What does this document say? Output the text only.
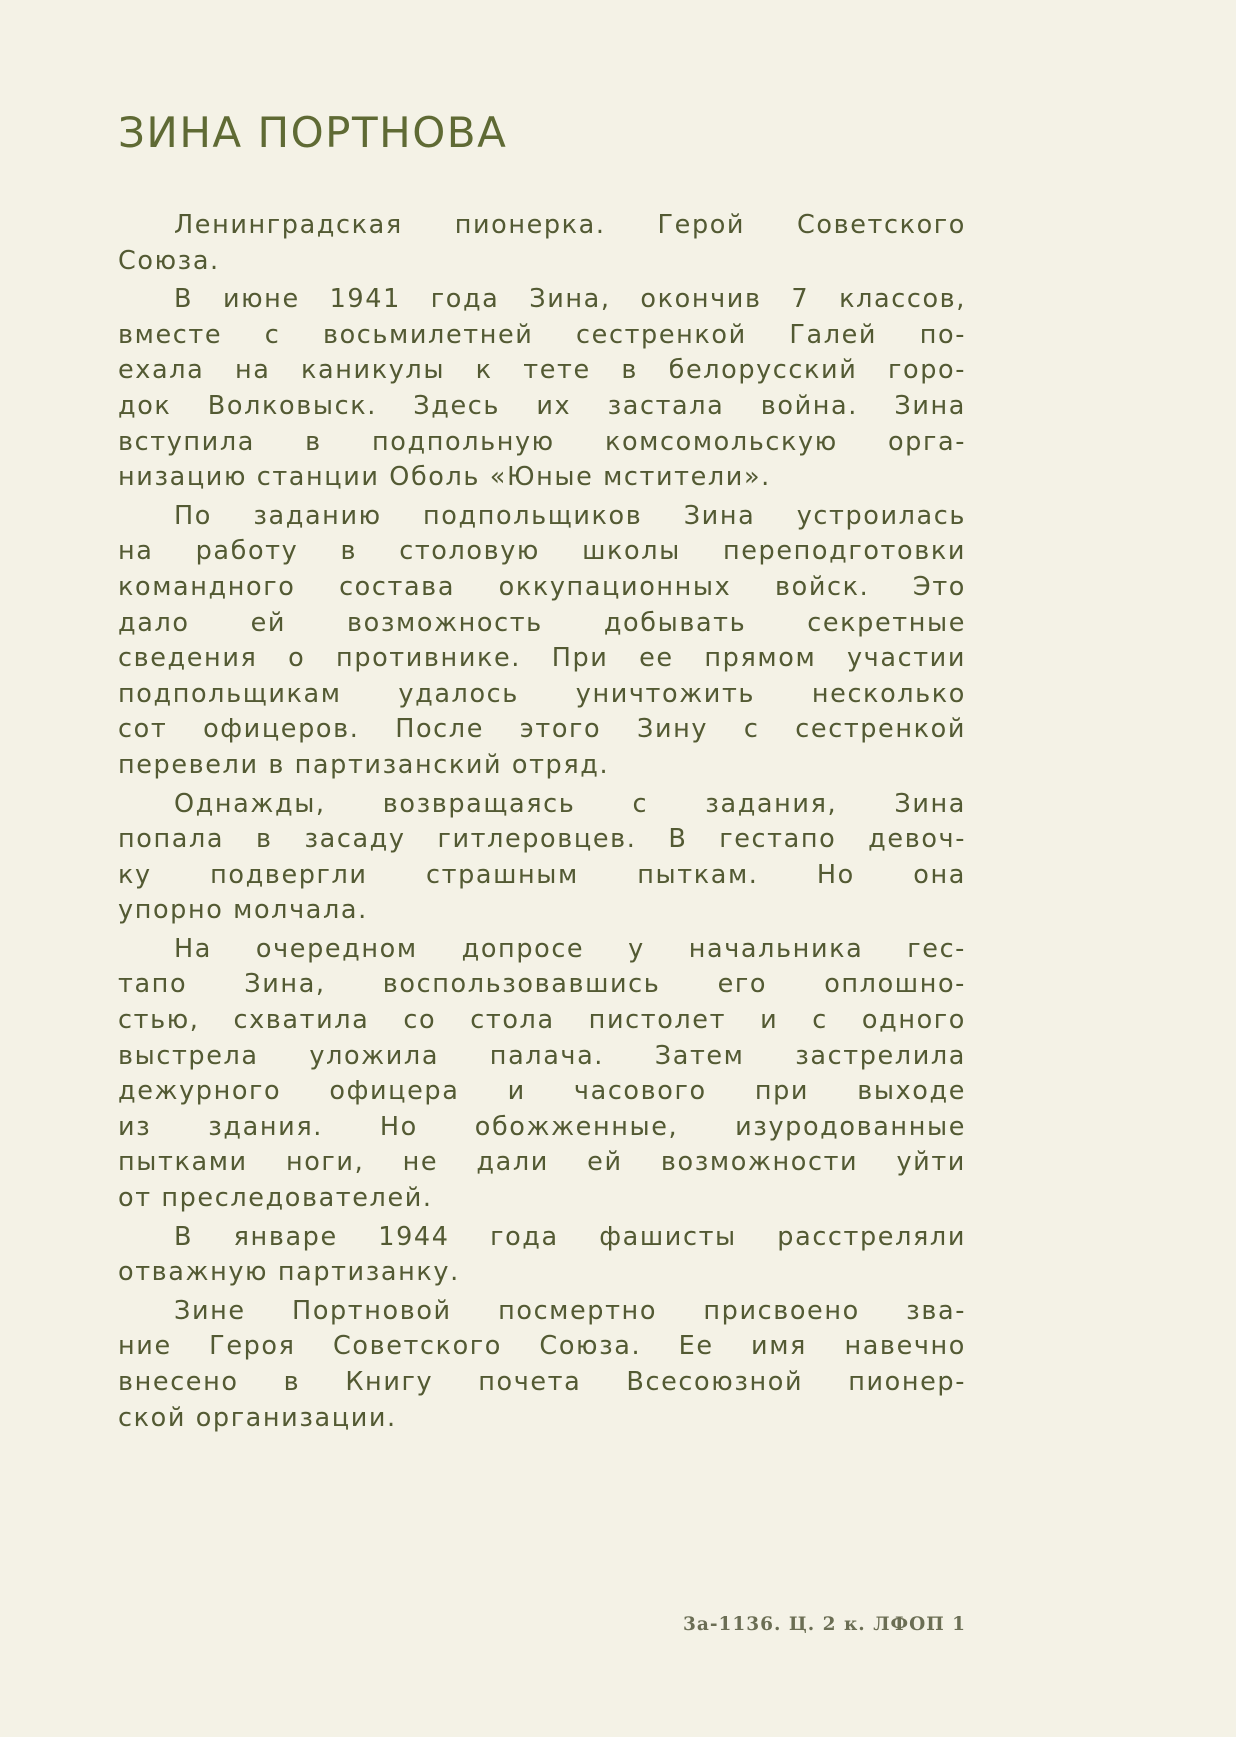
ЗИНА ПОРТНОВА

Ленинградская пионерка. Герой Советского
Союза.

В июне 1941 года Зина, окончив 7 классов,
вместе с восьмилетней сестренкой Галей по-
ехала на каникулы к тете в белорусский горо-
док Волковыск. Здесь их застала война. Зина
вступила в подпольную комсомольскую орга-
низацию станции Оболь «Юные мстители».

По заданию подпольщиков Зина устроилась
на работу в столовую школы переподготовки
командного состава оккупационных войск. Это
дало ей возможность добывать секретные
сведения о противнике. При ее прямом участии
подпольщикам удалось уничтожить несколько
сот офицеров. После этого Зину с сестренкой
перевели в партизанский отряд.

Однажды, возвращаясь с задания, Зина
попала в засаду гитлеровцев. В гестапо девоч-
ку подвергли страшным пыткам. Но она
упорно молчала.

На очередном допросе у начальника гес-
тапо Зина, воспользовавшись его оплошно-
стью, схватила со стола пистолет и с одного
выстрела уложила палача. Затем застрелила
дежурного офицера и часового при выходе
из здания. Но обожженные, изуродованные
пытками ноги, не дали ей возможности уйти
от преследователей.

В январе 1944 года фашисты расстреляли
отважную партизанку.

Зине Портновой посмертно присвоено зва-
ние Героя Советского Союза. Ее имя навечно
внесено в Книгу почета Всесоюзной пионер-
ской организации.

3а-1136. Ц. 2 к. ЛФОП 1
